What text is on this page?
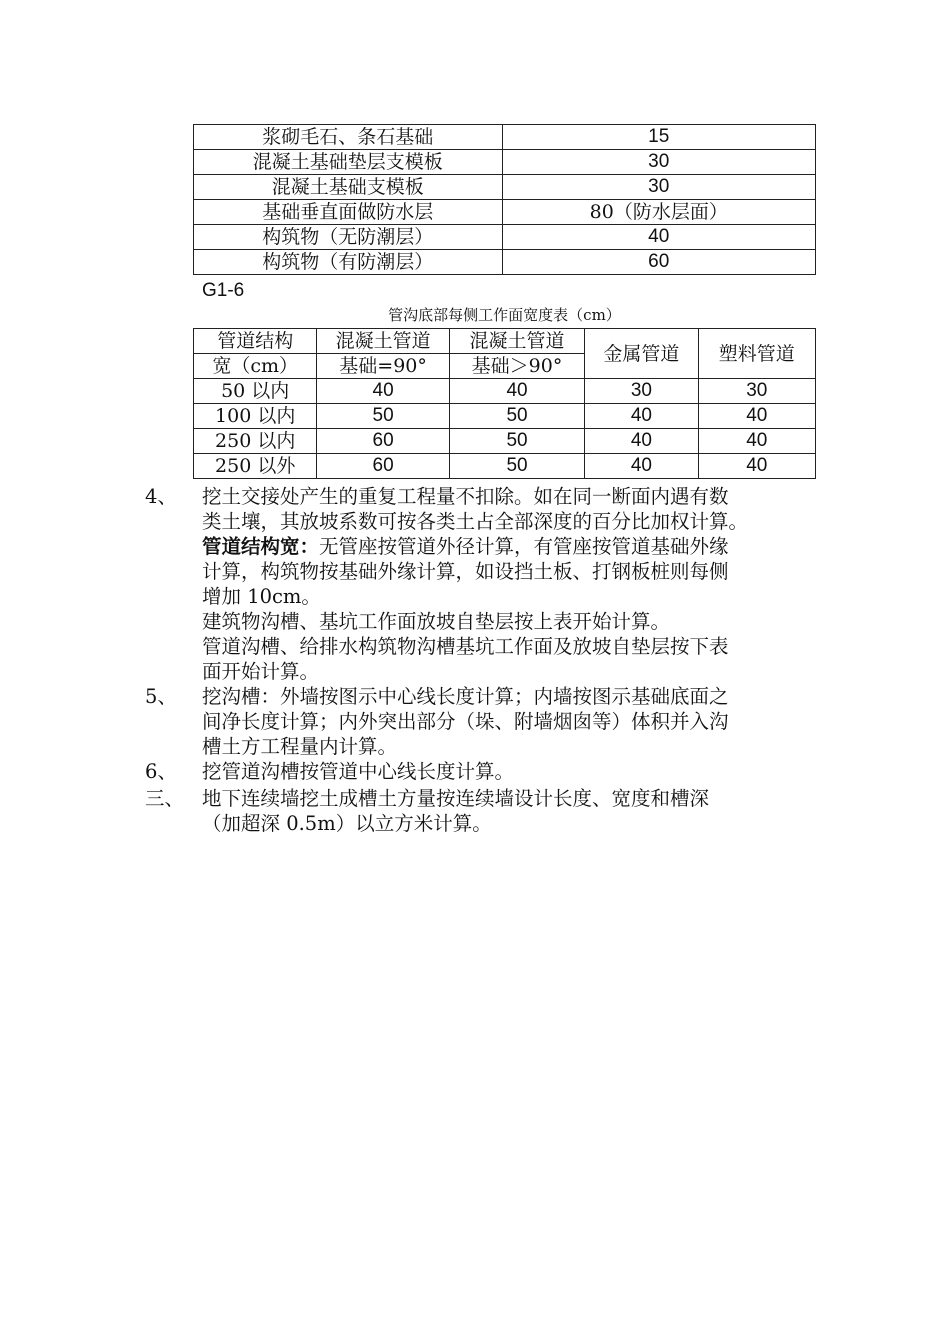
浆砌毛石、条石基础	15
混凝土基础垫层支模板	30
混凝土基础支模板	30
基础垂直面做防水层	80（防水层面）
构筑物（无防潮层）	40
构筑物（有防潮层）	60
G1-6
管沟底部每侧工作面宽度表（cm）
管道结构	混凝土管道	混凝土管道	金属管道	塑料管道
宽（cm）	基础=90°	基础＞90°		
50 以内	40	40	30	30
100 以内	50	50	40	40
250 以内	60	50	40	40
250 以外	60	50	40	40
4、 挖土交接处产生的重复工程量不扣除。如在同一断面内遇有数
类土壤，其放坡系数可按各类土占全部深度的百分比加权计算。
管道结构宽：无管座按管道外径计算，有管座按管道基础外缘
计算，构筑物按基础外缘计算，如设挡土板、打钢板桩则每侧
增加 10cm。
建筑物沟槽、基坑工作面放坡自垫层按上表开始计算。
管道沟槽、给排水构筑物沟槽基坑工作面及放坡自垫层按下表
面开始计算。
5、 挖沟槽：外墙按图示中心线长度计算；内墙按图示基础底面之
间净长度计算；内外突出部分（垛、附墙烟囱等）体积并入沟
槽土方工程量内计算。
6、 挖管道沟槽按管道中心线长度计算。
三、 地下连续墙挖土成槽土方量按连续墙设计长度、宽度和槽深
（加超深 0.5m）以立方米计算。
